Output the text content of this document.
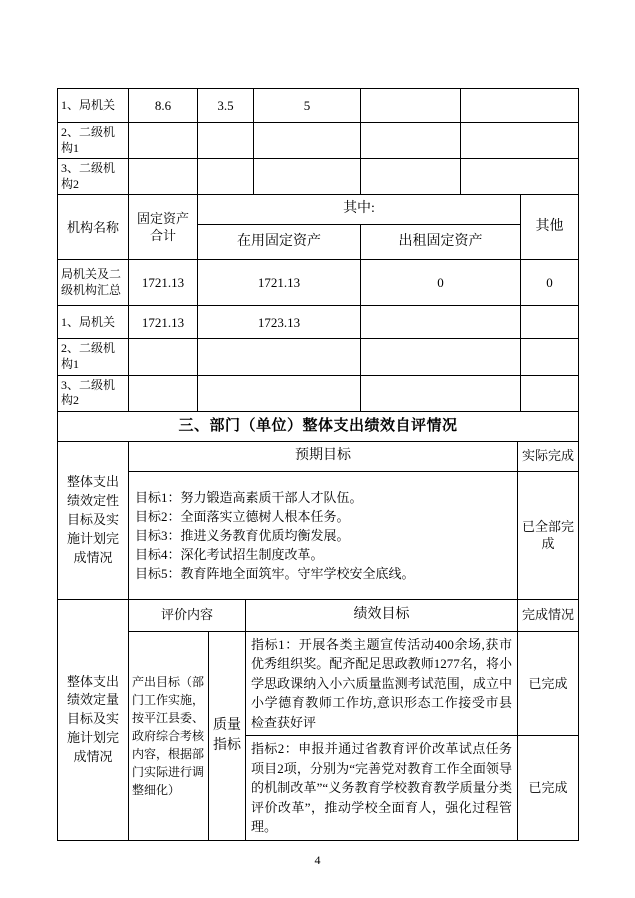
1、局机关	8.6	3.5	5		
2、二级机构1					
3、二级机构2					
机构名称	固定资产合计	其中:		其他
		在用固定资产	出租固定资产	
局机关及二级机构汇总	1721.13	1721.13	0	0
1、局机关	1721.13	1723.13		
2、二级机构1				
3、二级机构2				
三、部门（单位）整体支出绩效自评情况
整体支出绩效定性目标及实施计划完成情况	预期目标	实际完成

	目标1：努力锻造高素质干部人才队伍。
目标2：全面落实立德树人根本任务。
目标3：推进义务教育优质均衡发展。
目标4：深化考试招生制度改革。
目标5：教育阵地全面筑牢。守牢学校安全底线。	已全部完成
整体支出绩效定量目标及实施计划完成情况	评价内容		绩效目标	完成情况
	产出目标（部门工作实施，按平江县委、政府综合考核内容，根据部门实际进行调整细化）	质量指标	指标1：开展各类主题宣传活动400余场,获市优秀组织奖。配齐配足思政教师1277名，将小学思政课纳入小六质量监测考试范围，成立中小学德育教师工作坊,意识形态工作接受市县检查获好评	已完成
			指标2：申报并通过省教育评价改革试点任务项目2项，分别为“完善党对教育工作全面领导的机制改革”“义务教育学校教育教学质量分类评价改革”，推动学校全面育人，强化过程管理。	已完成
4
